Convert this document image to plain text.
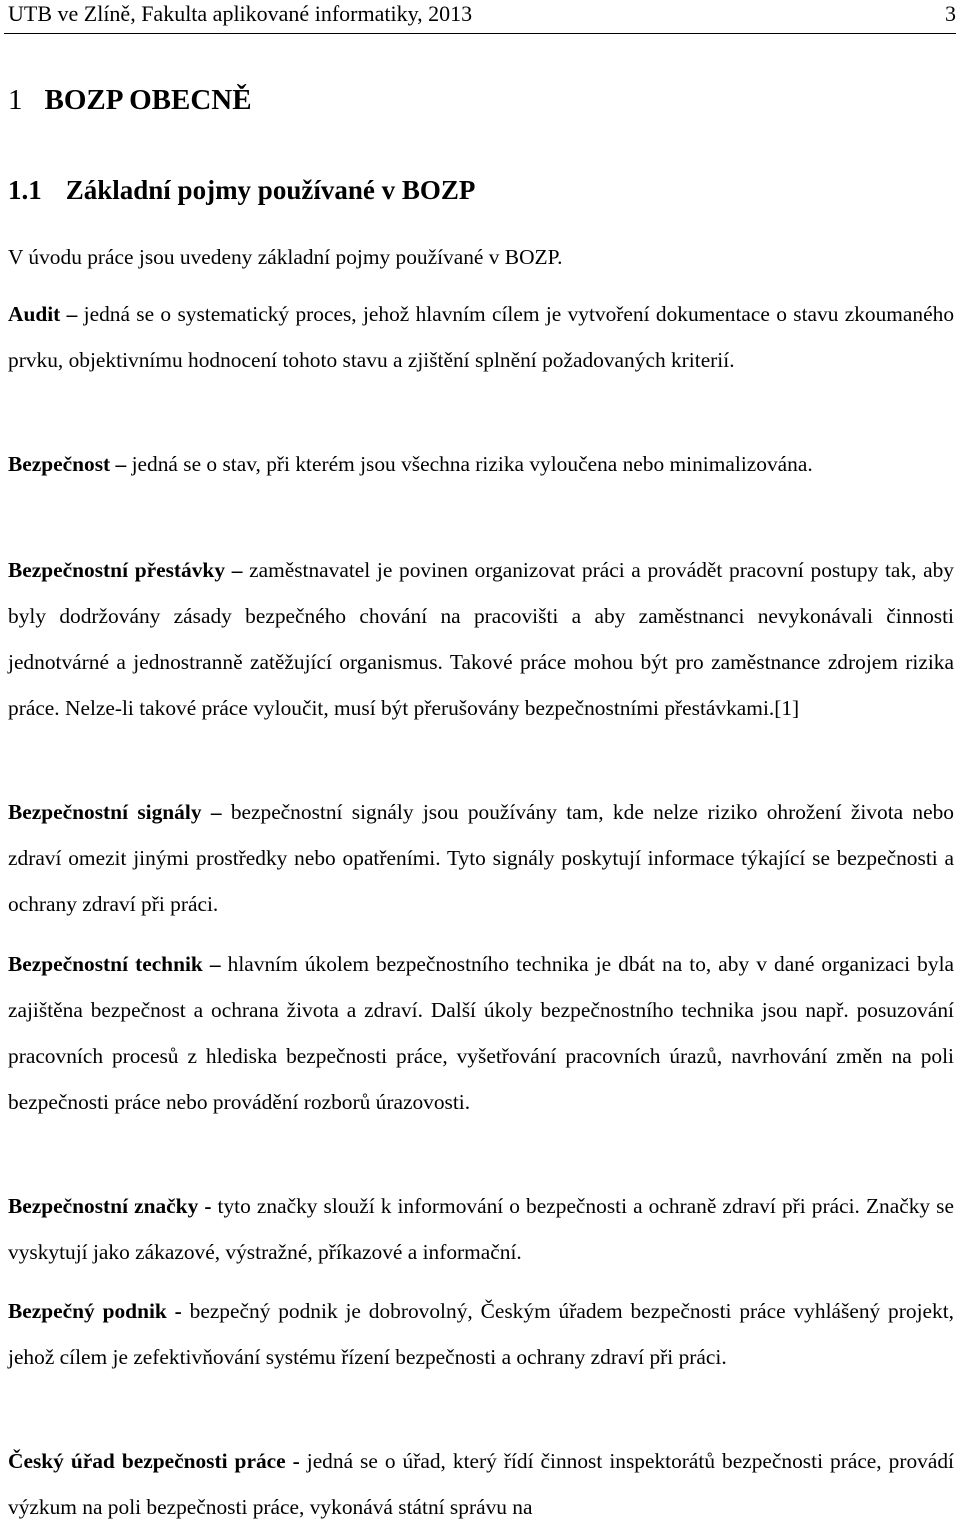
UTB ve Zlíně, Fakulta aplikované informatiky, 2013	3
1 BOZP OBECNĚ
1.1 Základní pojmy používané v BOZP

V úvodu práce jsou uvedeny základní pojmy používané v BOZP.

Audit – jedná se o systematický proces, jehož hlavním cílem je vytvoření dokumentace o stavu zkoumaného prvku, objektivnímu hodnocení tohoto stavu a zjištění splnění požadovaných kriterií.

Bezpečnost – jedná se o stav, při kterém jsou všechna rizika vyloučena nebo minimalizována.

Bezpečnostní přestávky – zaměstnavatel je povinen organizovat práci a provádět pracovní postupy tak, aby byly dodržovány zásady bezpečného chování na pracovišti a aby zaměstnanci nevykonávali činnosti jednotvárné a jednostranně zatěžující organismus. Takové práce mohou být pro zaměstnance zdrojem rizika práce. Nelze-li takové práce vyloučit, musí být přerušovány bezpečnostními přestávkami.[1]

Bezpečnostní signály – bezpečnostní signály jsou používány tam, kde nelze riziko ohrožení života nebo zdraví omezit jinými prostředky nebo opatřeními. Tyto signály poskytují informace týkající se bezpečnosti a ochrany zdraví při práci.

Bezpečnostní technik – hlavním úkolem bezpečnostního technika je dbát na to, aby v dané organizaci byla zajištěna bezpečnost a ochrana života a zdraví. Další úkoly bezpečnostního technika jsou např. posuzování pracovních procesů z hlediska bezpečnosti práce, vyšetřování pracovních úrazů, navrhování změn na poli bezpečnosti práce nebo provádění rozborů úrazovosti.

Bezpečnostní značky - tyto značky slouží k informování o bezpečnosti a ochraně zdraví při práci. Značky se vyskytují jako zákazové, výstražné, příkazové a informační.

Bezpečný podnik - bezpečný podnik je dobrovolný, Českým úřadem bezpečnosti práce vyhlášený projekt, jehož cílem je zefektivňování systému řízení bezpečnosti a ochrany zdraví při práci.

Český úřad bezpečnosti práce - jedná se o úřad, který řídí činnost inspektorátů bezpečnosti práce, provádí výzkum na poli bezpečnosti práce, vykonává státní správu na
